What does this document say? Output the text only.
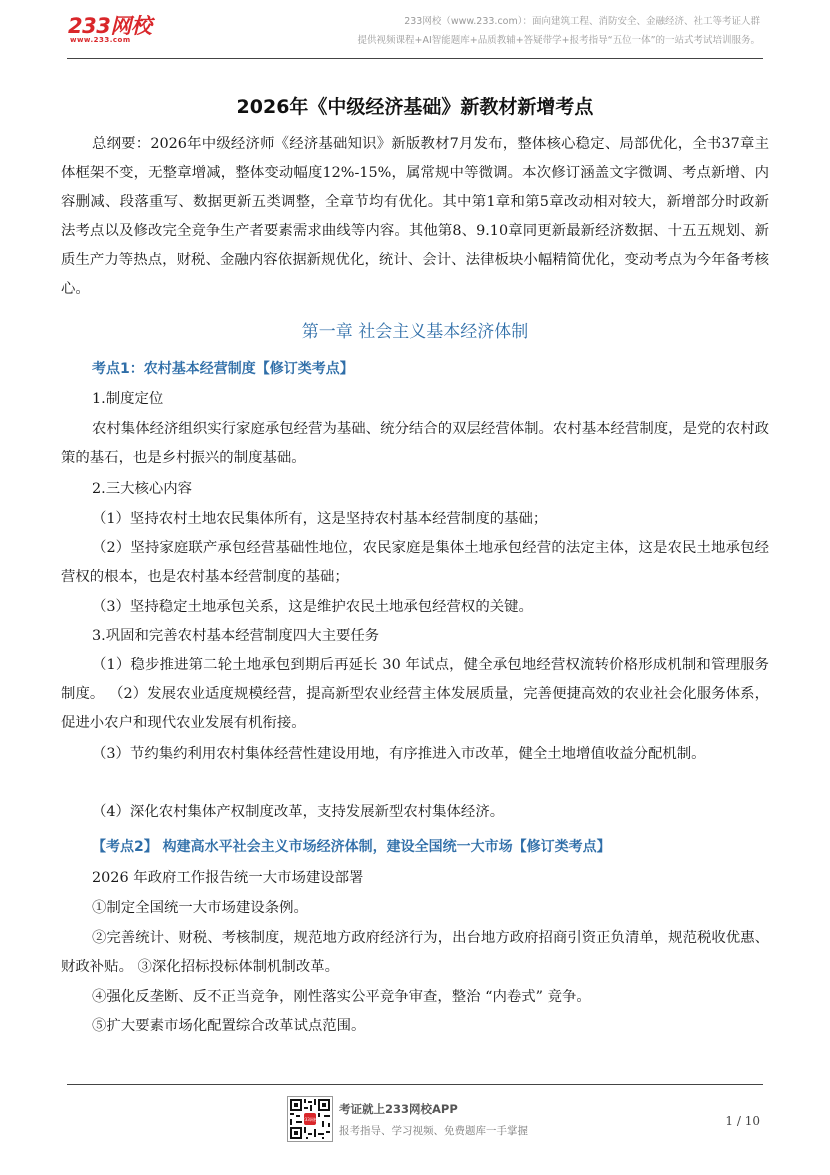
233网校
www.233.com
233网校（www.233.com）：面向建筑工程、消防安全、金融经济、社工等考证人群
提供视频课程+AI智能题库+品质教辅+答疑带学+报考指导“五位一体”的一站式考试培训服务。
2026年《中级经济基础》新教材新增考点

总纲要：2026年中级经济师《经济基础知识》新版教材7月发布，整体核心稳定、局部优化，全书37章主体框架不变，无整章增减，整体变动幅度12%-15%，属常规中等微调。本次修订涵盖文字微调、考点新增、内容删减、段落重写、数据更新五类调整，全章节均有优化。其中第1章和第5章改动相对较大，新增部分时政新法考点以及修改完全竞争生产者要素需求曲线等内容。其他第8、9.10章同更新最新经济数据、十五五规划、新质生产力等热点，财税、金融内容依据新规优化，统计、会计、法律板块小幅精简优化，变动考点为今年备考核心。

第一章 社会主义基本经济体制
考点1：农村基本经营制度【修订类考点】
1.制度定位

农村集体经济组织实行家庭承包经营为基础、统分结合的双层经营体制。农村基本经营制度，是党的农村政策的基石，也是乡村振兴的制度基础。

2.三大核心内容
（1）坚持农村土地农民集体所有，这是坚持农村基本经营制度的基础；

（2）坚持家庭联产承包经营基础性地位，农民家庭是集体土地承包经营的法定主体，这是农民土地承包经营权的根本，也是农村基本经营制度的基础；

（3）坚持稳定土地承包关系，这是维护农民土地承包经营权的关键。
3.巩固和完善农村基本经营制度四大主要任务

（1）稳步推进第二轮土地承包到期后再延长 30 年试点，健全承包地经营权流转价格形成机制和管理服务制度。 （2）发展农业适度规模经营，提高新型农业经营主体发展质量，完善便捷高效的农业社会化服务体系，促进小农户和现代农业发展有机衔接。

（3）节约集约利用农村集体经营性建设用地，有序推进入市改革，健全土地增值收益分配机制。

（4）深化农村集体产权制度改革，支持发展新型农村集体经济。
【考点2】 构建高水平社会主义市场经济体制，建设全国统一大市场【修订类考点】
2026 年政府工作报告统一大市场建设部署
①制定全国统一大市场建设条例。

②完善统计、财税、考核制度，规范地方政府经济行为，出台地方政府招商引资正负清单，规范税收优惠、财政补贴。 ③深化招标投标体制机制改革。

④强化反垄断、反不正当竞争，刚性落实公平竞争审查，整治 “内卷式” 竞争。
⑤扩大要素市场化配置综合改革试点范围。
233网校
考证就上233网校APP
报考指导、学习视频、免费题库一手掌握
1 / 10
